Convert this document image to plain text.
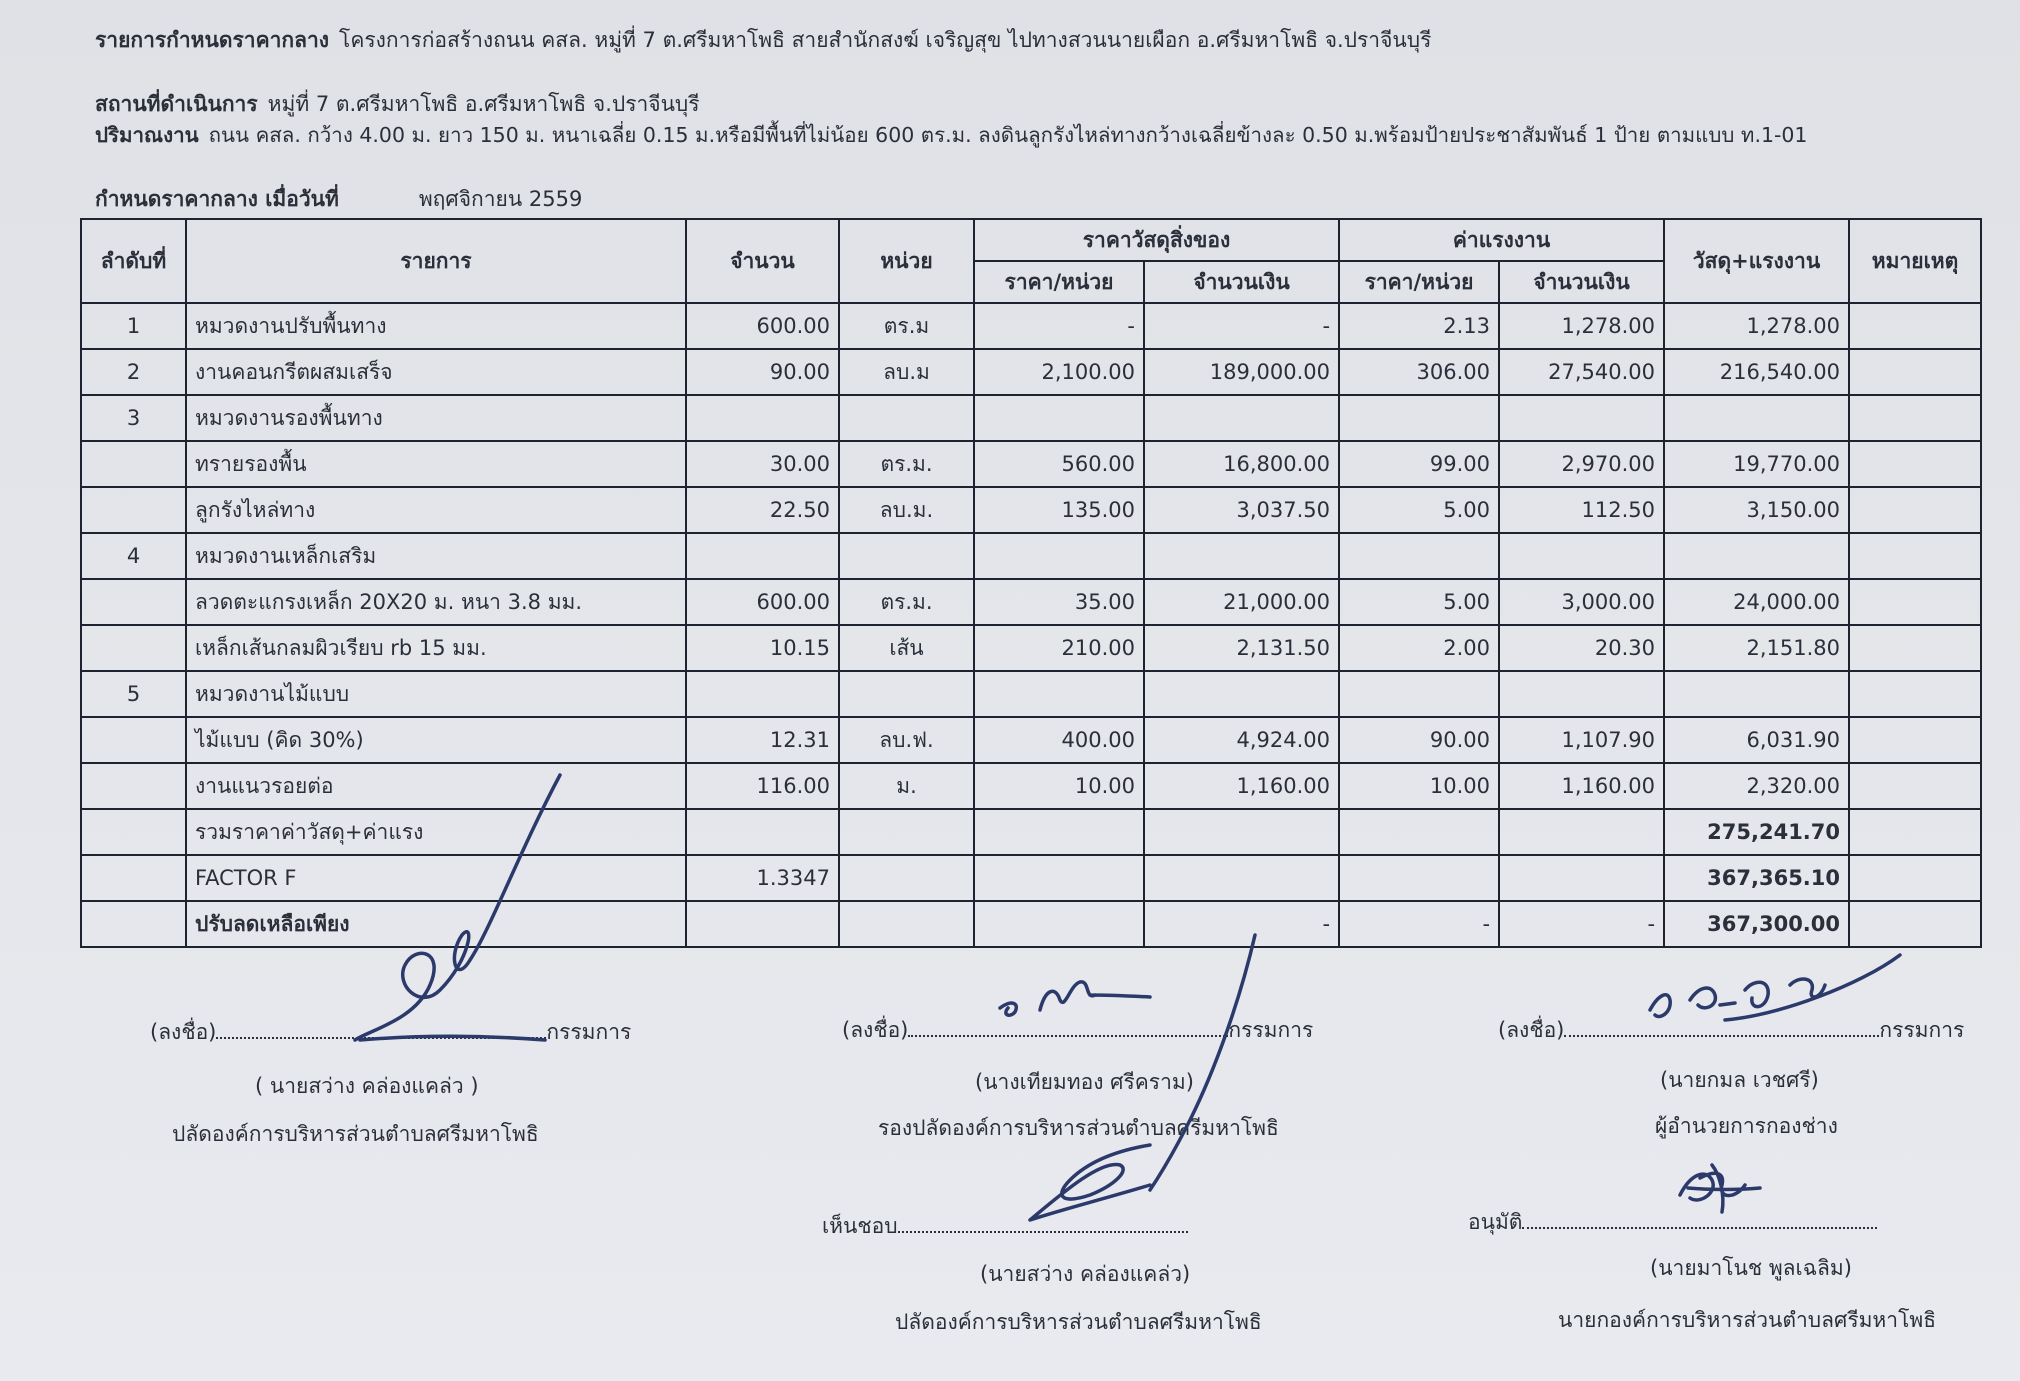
รายการกำหนดราคากลาง โครงการก่อสร้างถนน คสล. หมู่ที่ 7 ต.ศรีมหาโพธิ สายสำนักสงฆ์ เจริญสุข ไปทางสวนนายเผือก อ.ศรีมหาโพธิ จ.ปราจีนบุรี
สถานที่ดำเนินการ หมู่ที่ 7 ต.ศรีมหาโพธิ อ.ศรีมหาโพธิ จ.ปราจีนบุรี
ปริมาณงาน ถนน คสล. กว้าง 4.00 ม. ยาว 150 ม. หนาเฉลี่ย 0.15 ม.หรือมีพื้นที่ไม่น้อย 600 ตร.ม. ลงดินลูกรังไหล่ทางกว้างเฉลี่ยข้างละ 0.50 ม.พร้อมป้ายประชาสัมพันธ์ 1 ป้าย ตามแบบ ท.1-01
กำหนดราคากลาง เมื่อวันที่	พฤศจิกายน 2559
ลำดับที่	รายการ	จำนวน	หน่วย	ราคาวัสดุสิ่งของ		ค่าแรงงาน		วัสดุ+แรงงาน	หมายเหตุ
				ราคา/หน่วย	จำนวนเงิน	ราคา/หน่วย	จำนวนเงิน		
1	หมวดงานปรับพื้นทาง	600.00	ตร.ม	-	-	2.13	1,278.00	1,278.00	
2	งานคอนกรีตผสมเสร็จ	90.00	ลบ.ม	2,100.00	189,000.00	306.00	27,540.00	216,540.00	
3	หมวดงานรองพื้นทาง								
	ทรายรองพื้น	30.00	ตร.ม.	560.00	16,800.00	99.00	2,970.00	19,770.00	
	ลูกรังไหล่ทาง	22.50	ลบ.ม.	135.00	3,037.50	5.00	112.50	3,150.00	
4	หมวดงานเหล็กเสริม								
	ลวดตะแกรงเหล็ก 20X20 ม. หนา 3.8 มม.	600.00	ตร.ม.	35.00	21,000.00	5.00	3,000.00	24,000.00	
	เหล็กเส้นกลมผิวเรียบ rb 15 มม.	10.15	เส้น	210.00	2,131.50	2.00	20.30	2,151.80	
5	หมวดงานไม้แบบ								
	ไม้แบบ (คิด 30%)	12.31	ลบ.ฟ.	400.00	4,924.00	90.00	1,107.90	6,031.90	
	งานแนวรอยต่อ	116.00	ม.	10.00	1,160.00	10.00	1,160.00	2,320.00	
	รวมราคาค่าวัสดุ+ค่าแรง							275,241.70	
	FACTOR F	1.3347						367,365.10	
	ปรับลดเหลือเพียง				-	-	-	367,300.00	
(ลงชื่อ)	กรรมการ
( นายสว่าง คล่องแคล่ว )
ปลัดองค์การบริหารส่วนตำบลศรีมหาโพธิ
(ลงชื่อ)	กรรมการ
(นางเทียมทอง ศรีคราม)
รองปลัดองค์การบริหารส่วนตำบลศรีมหาโพธิ
(ลงชื่อ)	กรรมการ
(นายกมล เวชศรี)
ผู้อำนวยการกองช่าง
เห็นชอบ
(นายสว่าง คล่องแคล่ว)
ปลัดองค์การบริหารส่วนตำบลศรีมหาโพธิ
อนุมัติ
(นายมาโนช พูลเฉลิม)
นายกองค์การบริหารส่วนตำบลศรีมหาโพธิ
